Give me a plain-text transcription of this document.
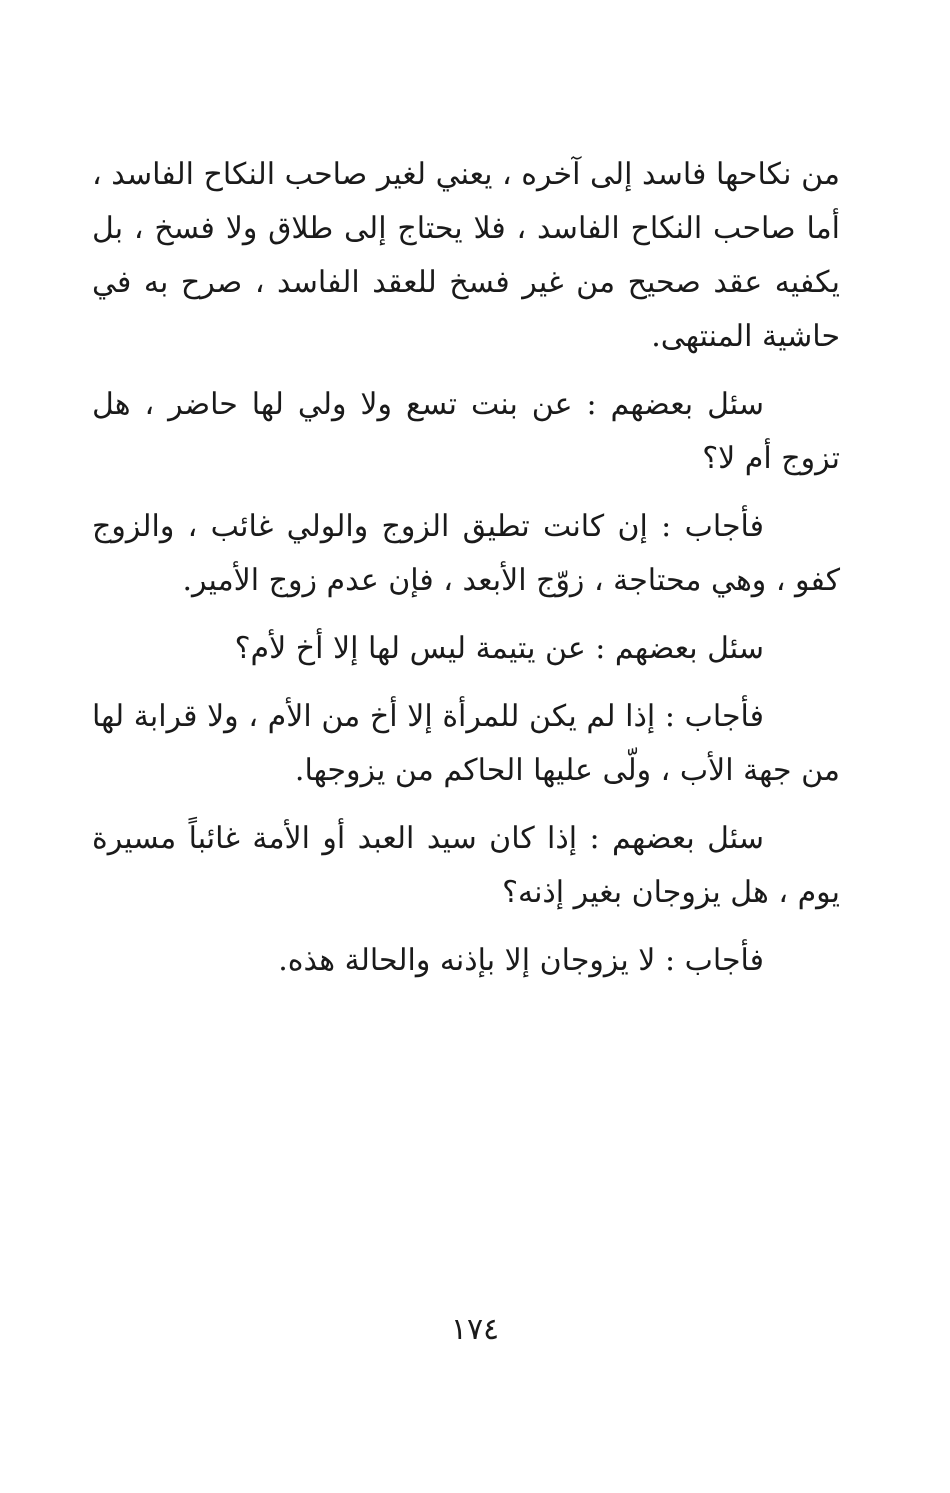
من نكاحها فاسد إلى آخره ، يعني لغير صاحب النكاح الفاسد ، أما صاحب النكاح الفاسد ، فلا يحتاج إلى طلاق ولا فسخ ، بل يكفيه عقد صحيح من غير فسخ للعقد الفاسد ، صرح به في حاشية المنتهى.

سئل بعضهم : عن بنت تسع ولا ولي لها حاضر ، هل تزوج أم لا؟

فأجاب : إن كانت تطيق الزوج والولي غائب ، والزوج كفو ، وهي محتاجة ، زوّج الأبعد ، فإن عدم زوج الأمير.

سئل بعضهم : عن يتيمة ليس لها إلا أخ لأم؟

فأجاب : إذا لم يكن للمرأة إلا أخ من الأم ، ولا قرابة لها من جهة الأب ، ولّى عليها الحاكم من يزوجها.

سئل بعضهم : إذا كان سيد العبد أو الأمة غائباً مسيرة يوم ، هل يزوجان بغير إذنه؟

فأجاب : لا يزوجان إلا بإذنه والحالة هذه.

١٧٤
